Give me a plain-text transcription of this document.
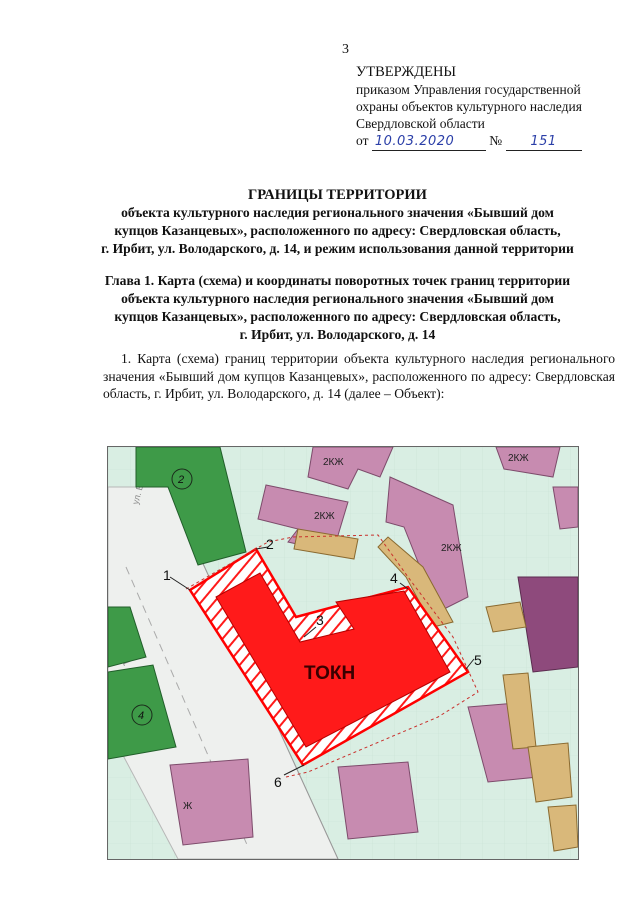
3
УТВЕРЖДЕНЫ
приказом Управления государственной
охраны объектов культурного наследия
Свердловской области
от 10.03.2020	№ 151
ГРАНИЦЫ ТЕРРИТОРИИ
объекта культурного наследия регионального значения «Бывший дом
купцов Казанцевых», расположенного по адресу: Свердловская область,
г. Ирбит, ул. Володарского, д. 14, и режим использования данной территории
Глава 1. Карта (схема) и координаты поворотных точек границ территории
объекта культурного наследия регионального значения «Бывший дом
купцов Казанцевых», расположенного по адресу: Свердловская область,
г. Ирбит, ул. Володарского, д. 14
1. Карта (схема) границ территории объекта культурного наследия регионального значения «Бывший дом купцов Казанцевых», расположенного по адресу: Свердловская область, г. Ирбит, ул. Володарского, д. 14 (далее – Объект):
ул.
2
4
2КЖ
2КЖ
2КЖ
2КЖ
Ж
ТОКН
1
2
3
4
5
6
